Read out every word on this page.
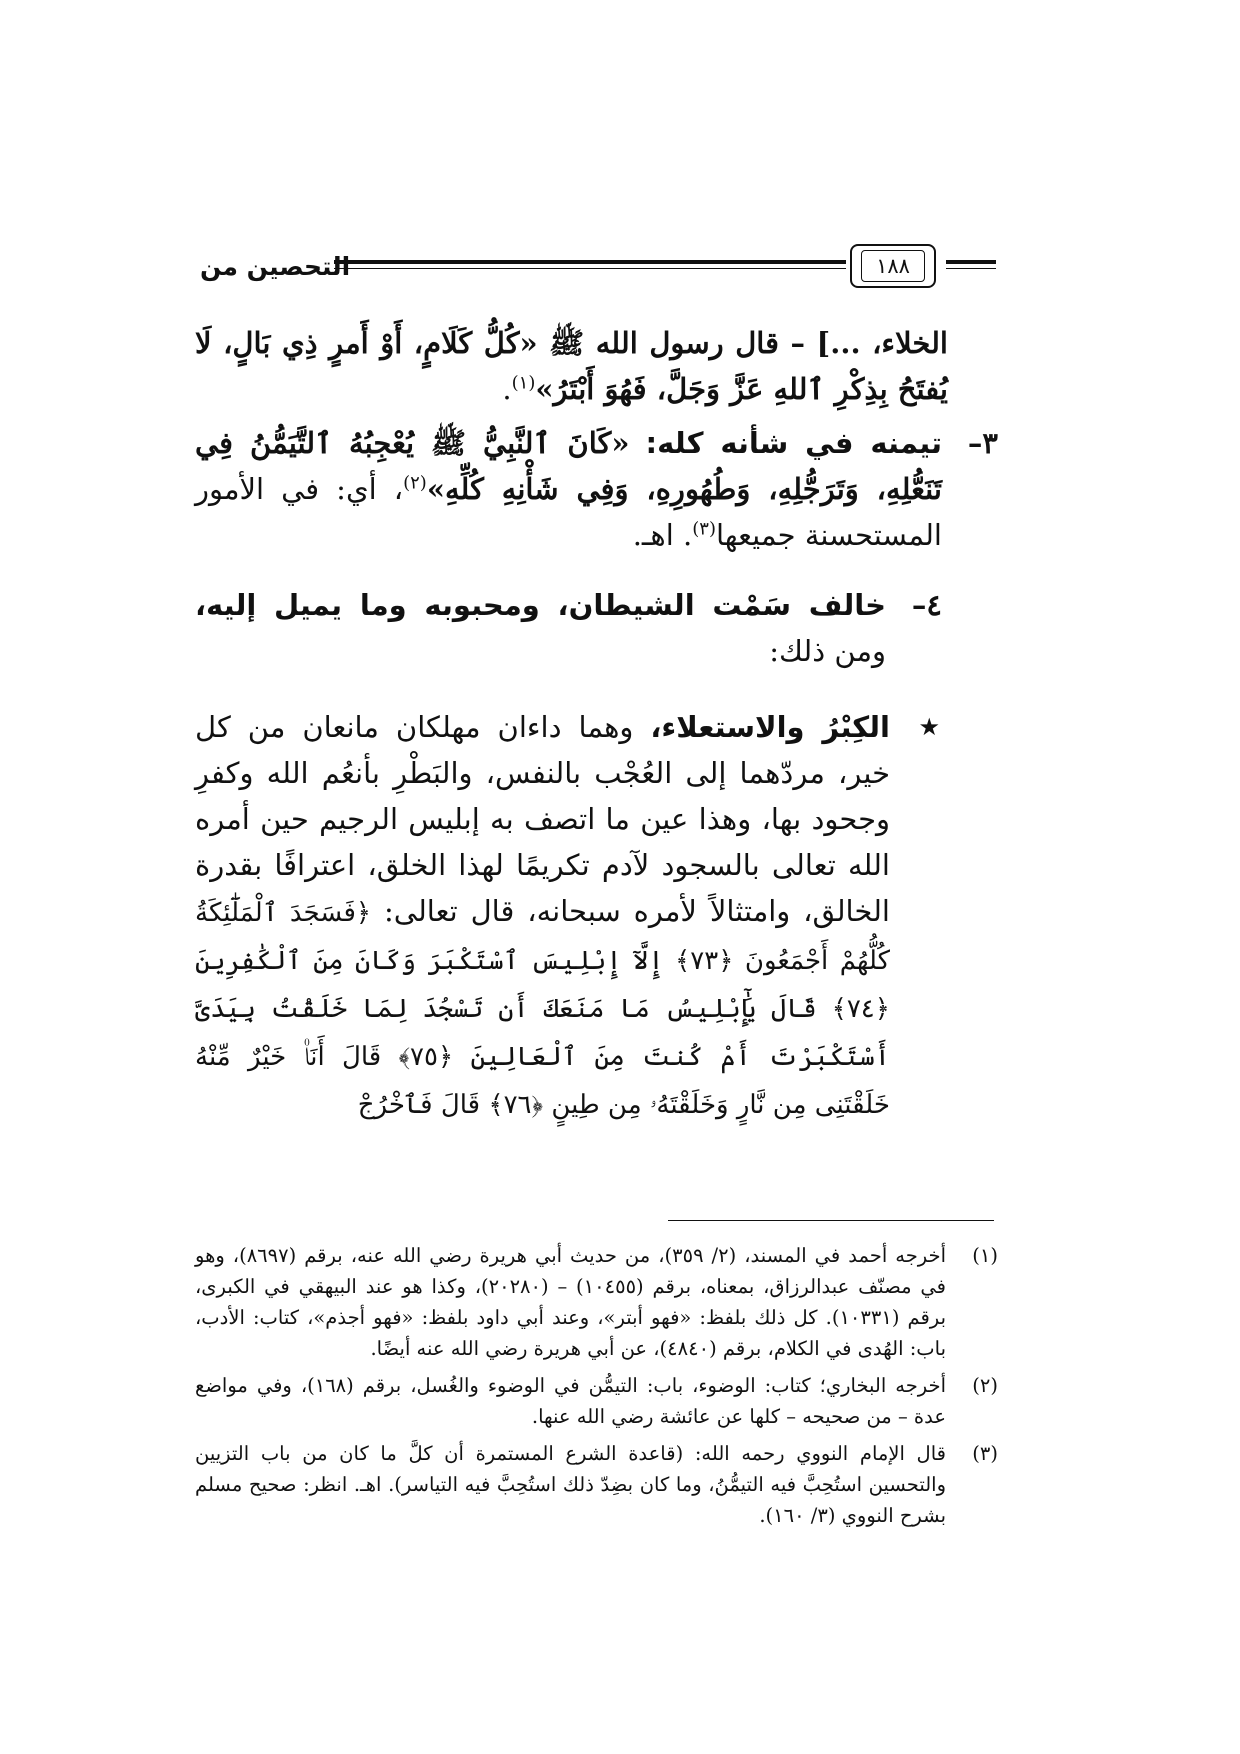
التحصين من	١٨٨

الخلاء، ...] – قال رسول الله ﷺ «كُلُّ كَلَامٍ، أَوْ أَمرٍ ذِي بَالٍ، لَا يُفتَحُ بِذِكْرِ ٱللهِ عَزَّ وَجَلَّ، فَهُوَ أَبْتَرُ»$^{(١)}$.

٣–
تيمنه في شأنه كله: «كَانَ ٱلنَّبِيُّ ﷺ يُعْجِبُهُ ٱلتَّيَمُّنُ فِي تَنَعُّلِهِ، وَتَرَجُّلِهِ، وَطُهُورِهِ، وَفِي شَأْنِهِ كُلِّهِ»$^{(٢)}$، أي: في الأمور المستحسنة جميعها$^{(٣)}$. اهـ.
٤–
خالف سَمْت الشيطان، ومحبوبه وما يميل إليه، ومن ذلك:
★
الكِبْرُ والاستعلاء، وهما داءان مهلكان مانعان من كل خير، مردّهما إلى العُجْب بالنفس، والبَطْرِ بأنعُم الله وكفرِ وجحود بها، وهذا عين ما اتصف به إبليس الرجيم حين أمره الله تعالى بالسجود لآدم تكريمًا لهذا الخلق، اعترافًا بقدرة الخالق، وامتثالاً لأمره سبحانه، قال تعالى: ﴿فَسَجَدَ ٱلْمَلَٰٓئِكَةُ كُلُّهُمْ أَجْمَعُونَ ﴿٧٣﴾ إِلَّآ إِبْلِيسَ ٱسْتَكْبَرَ وَكَانَ مِنَ ٱلْكَٰفِرِينَ ﴿٧٤﴾ قَالَ يَٰٓإِبْلِيسُ مَا مَنَعَكَ أَن تَسْجُدَ لِمَا خَلَقْتُ بِيَدَىَّ أَسْتَكْبَرْتَ أَمْ كُنتَ مِنَ ٱلْعَالِينَ ﴿٧٥﴾ قَالَ أَنَا۠ خَيْرٌ مِّنْهُ خَلَقْتَنِى مِن نَّارٍ وَخَلَقْتَهُۥ مِن طِينٍ ﴿٧٦﴾ قَالَ فَٱخْرُجْ
(١)
أخرجه أحمد في المسند، (٢/ ٣٥٩)، من حديث أبي هريرة رضي الله عنه، برقم (٨٦٩٧)، وهو في مصنّف عبدالرزاق، بمعناه، برقم (١٠٤٥٥) – (٢٠٢٨٠)، وكذا هو عند البيهقي في الكبرى، برقم (١٠٣٣١). كل ذلك بلفظ: «فهو أبتر»، وعند أبي داود بلفظ: «فهو أجذم»، كتاب: الأدب، باب: الهُدى في الكلام، برقم (٤٨٤٠)، عن أبي هريرة رضي الله عنه أيضًا.
(٢)
أخرجه البخاري؛ كتاب: الوضوء، باب: التيمُّن في الوضوء والغُسل، برقم (١٦٨)، وفي مواضع عدة – من صحيحه – كلها عن عائشة رضي الله عنها.
(٣)
قال الإمام النووي رحمه الله: (قاعدة الشرع المستمرة أن كلَّ ما كان من باب التزيين والتحسين استُحِبَّ فيه التيمُّنُ، وما كان بضِدّ ذلك استُحِبَّ فيه التياسر). اهـ. انظر: صحيح مسلم بشرح النووي (٣/ ١٦٠).
